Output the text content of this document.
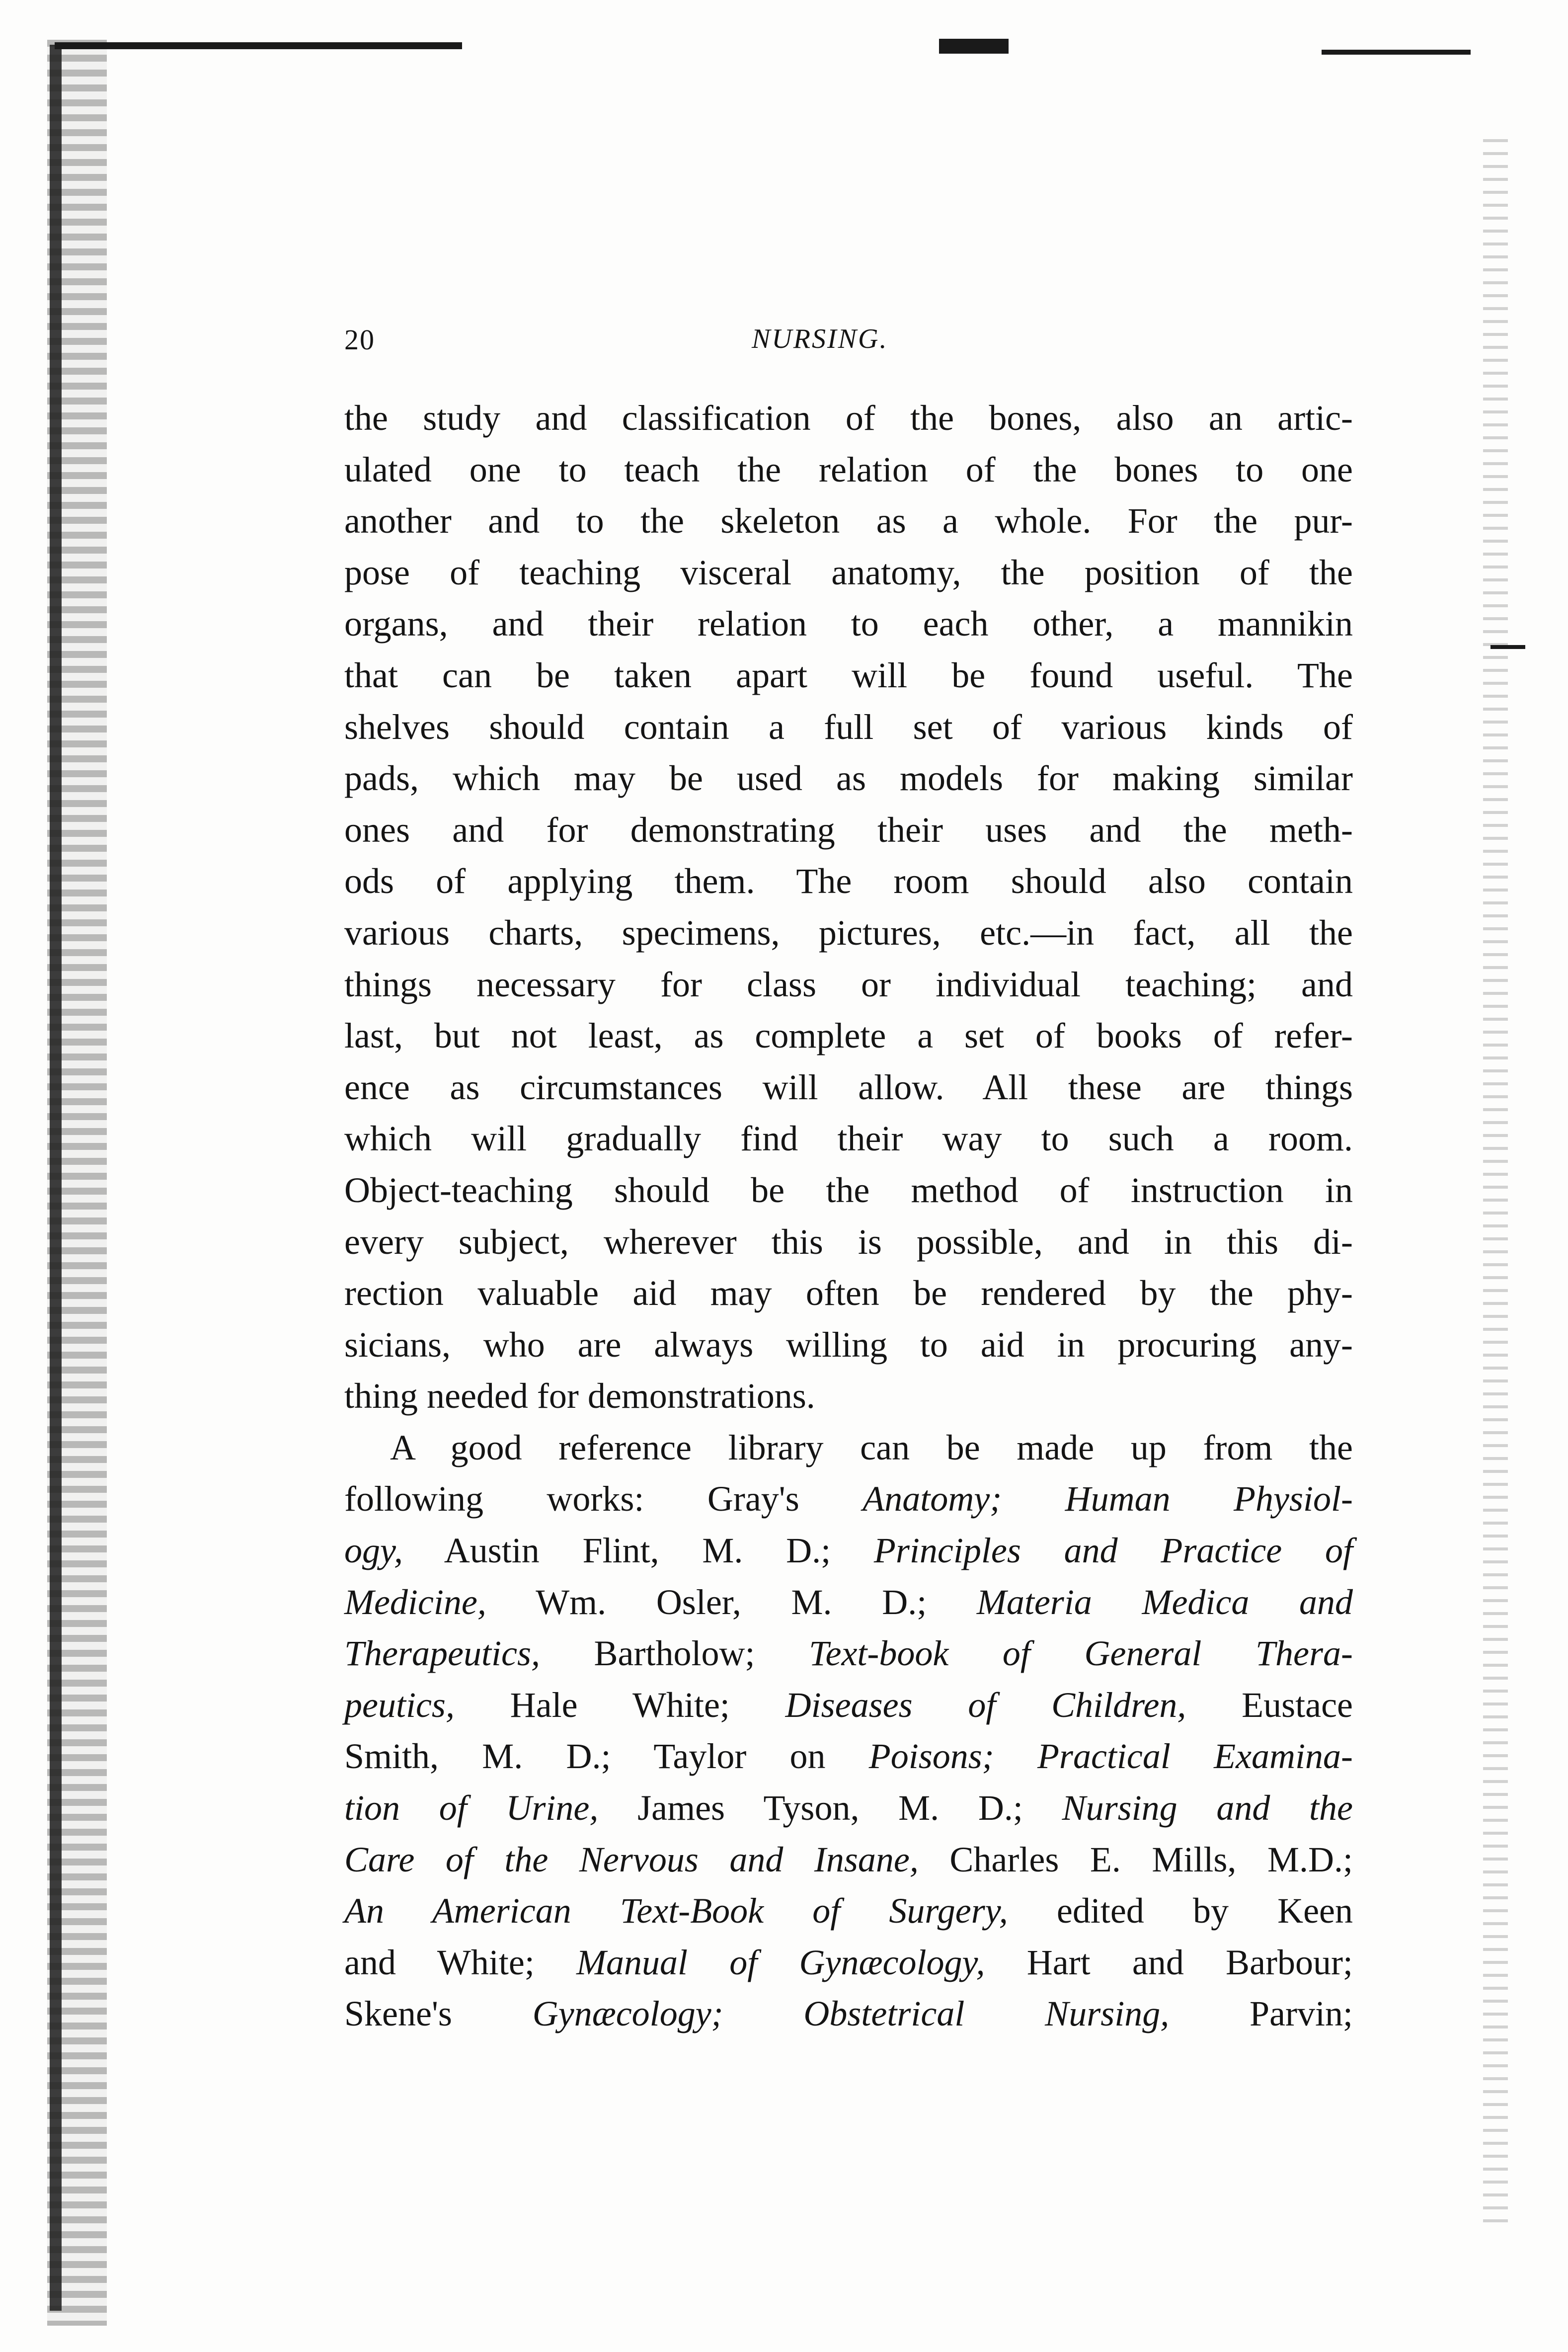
20	NURSING.
the study and classification of the bones, also an artic-
ulated one to teach the relation of the bones to one
another and to the skeleton as a whole. For the pur-
pose of teaching visceral anatomy, the position of the
organs, and their relation to each other, a mannikin
that can be taken apart will be found useful. The
shelves should contain a full set of various kinds of
pads, which may be used as models for making similar
ones and for demonstrating their uses and the meth-
ods of applying them. The room should also contain
various charts, specimens, pictures, etc.—in fact, all the
things necessary for class or individual teaching; and
last, but not least, as complete a set of books of refer-
ence as circumstances will allow. All these are things
which will gradually find their way to such a room.
Object-teaching should be the method of instruction in
every subject, wherever this is possible, and in this di-
rection valuable aid may often be rendered by the phy-
sicians, who are always willing to aid in procuring any-
thing needed for demonstrations.
A good reference library can be made up from the
following works: Gray's Anatomy; Human Physiol-
ogy, Austin Flint, M. D.; Principles and Practice of
Medicine, Wm. Osler, M. D.; Materia Medica and
Therapeutics, Bartholow; Text-book of General Thera-
peutics, Hale White; Diseases of Children, Eustace
Smith, M. D.; Taylor on Poisons; Practical Examina-
tion of Urine, James Tyson, M. D.; Nursing and the
Care of the Nervous and Insane, Charles E. Mills, M.D.;
An American Text-Book of Surgery, edited by Keen
and White; Manual of Gynæcology, Hart and Barbour;
Skene's Gynæcology; Obstetrical Nursing, Parvin;
